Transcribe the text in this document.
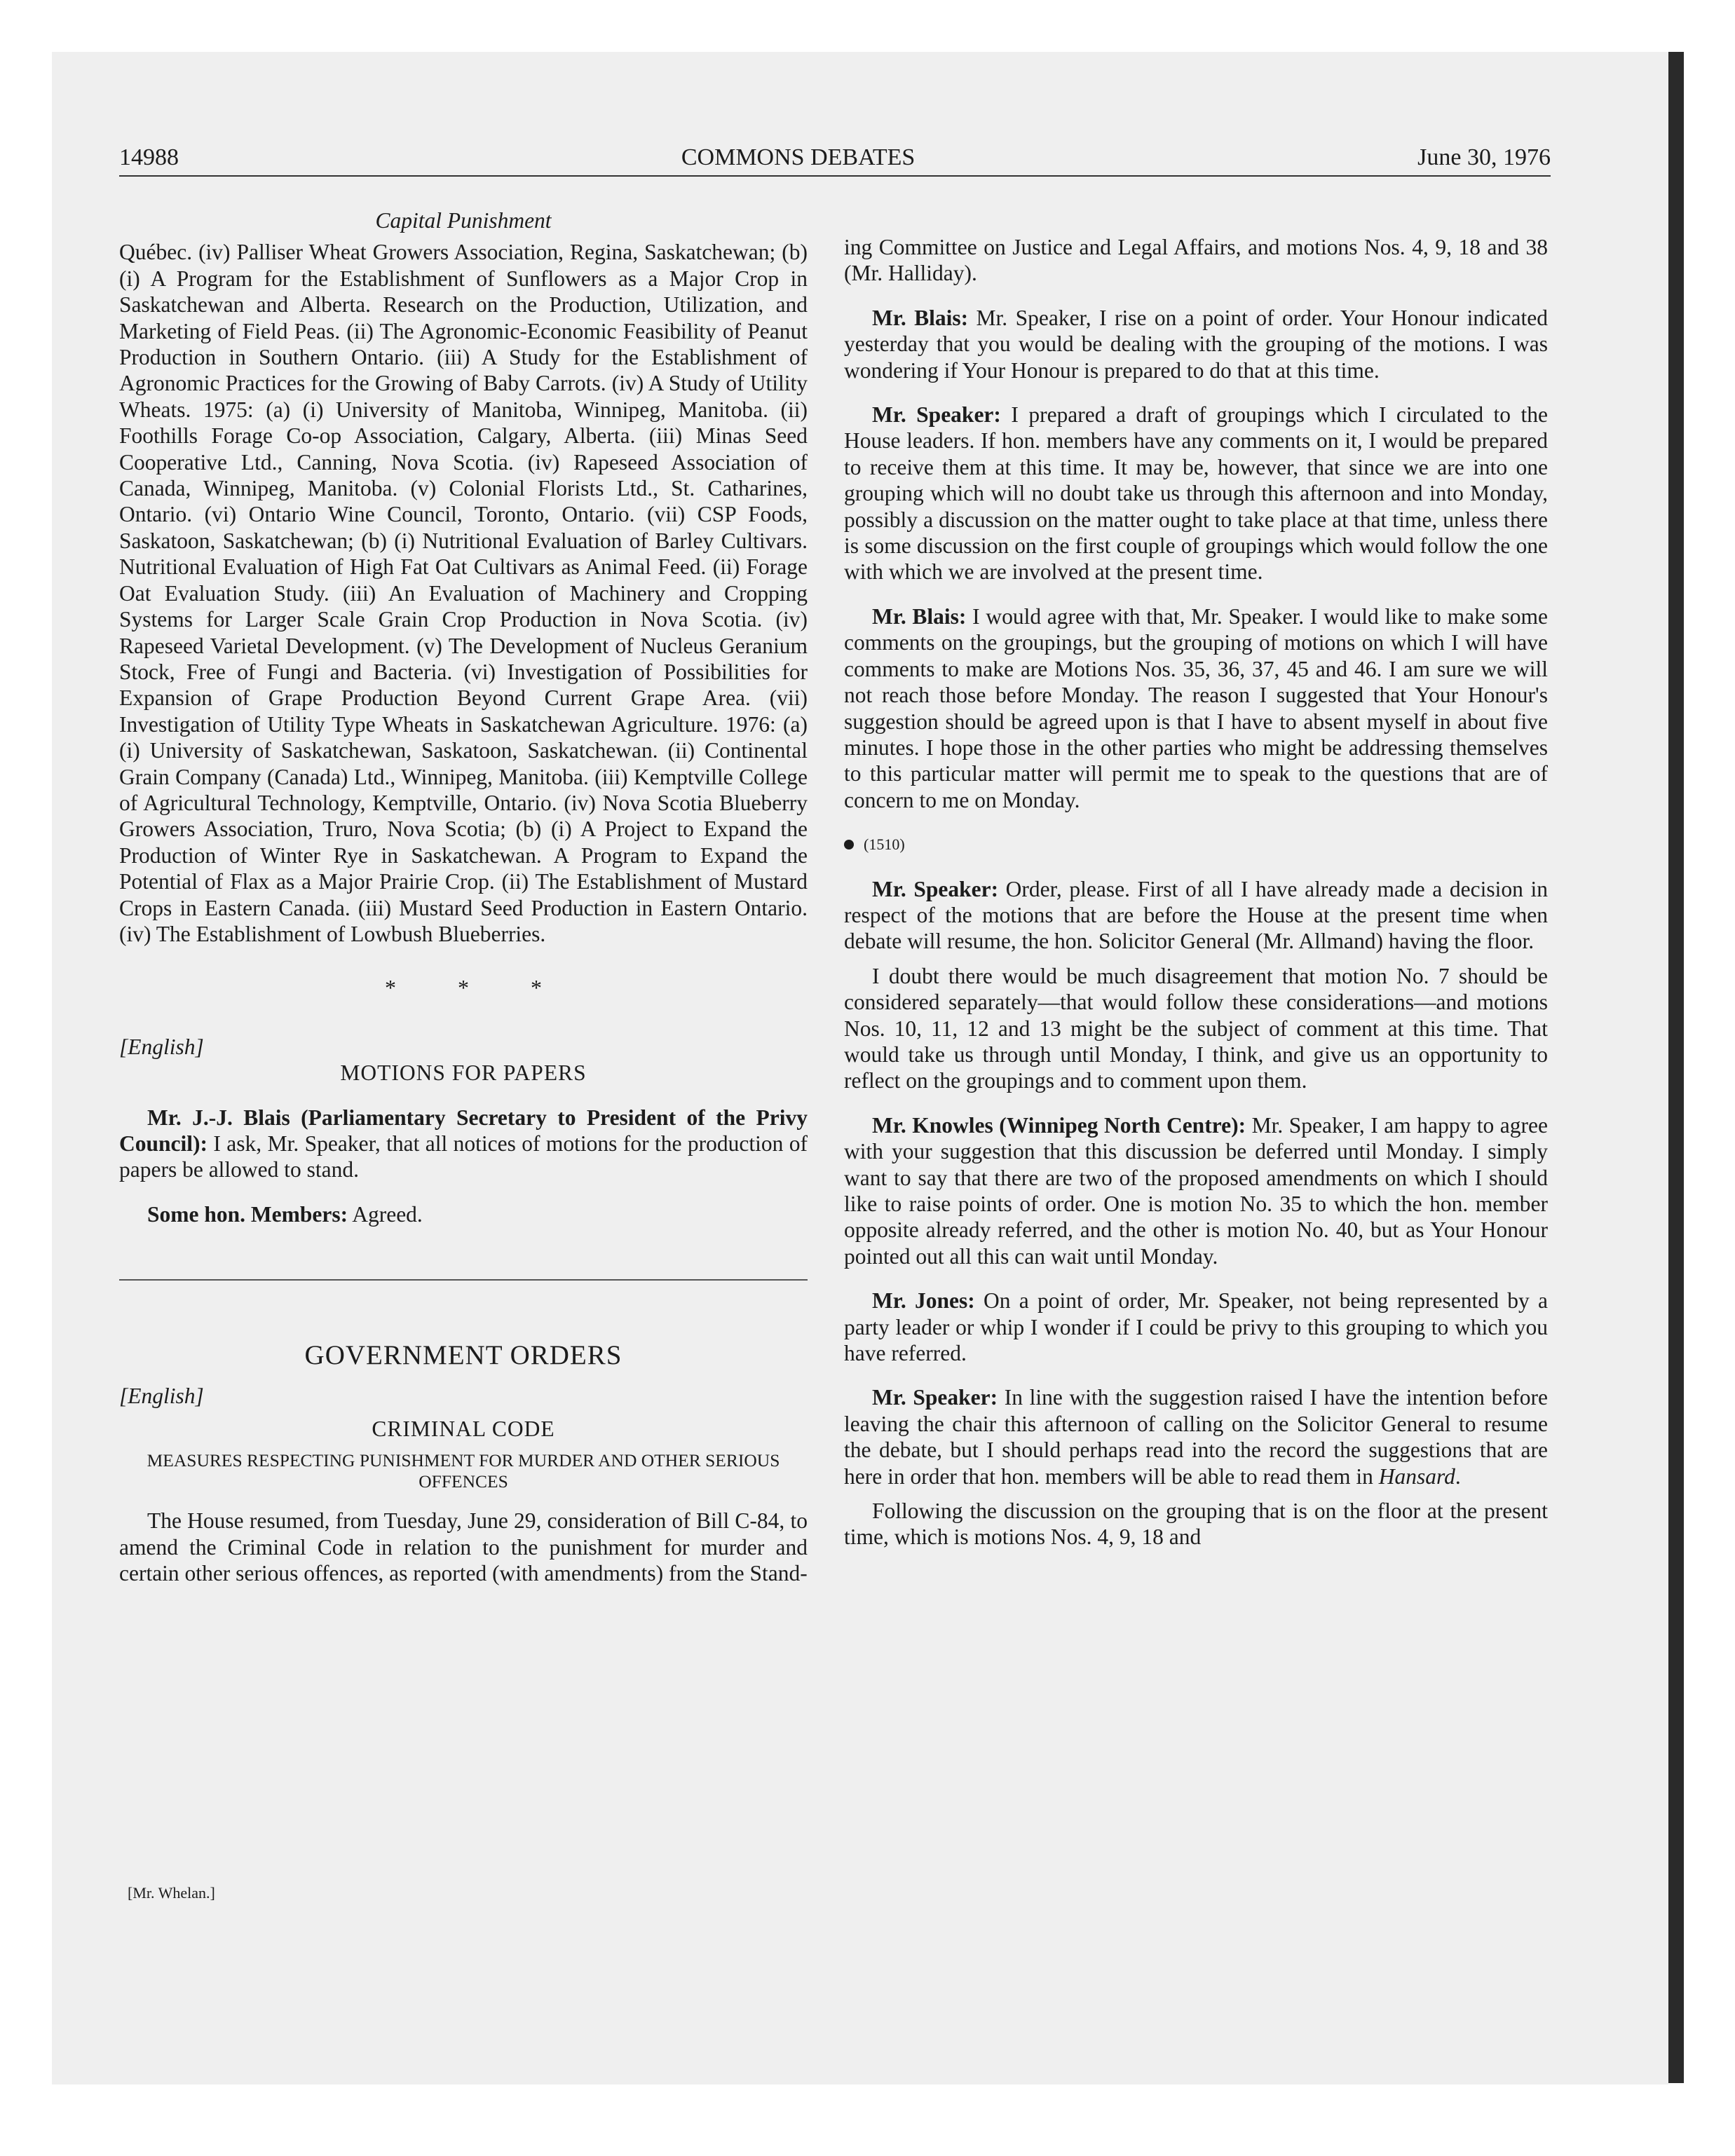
14988	COMMONS DEBATES	June 30, 1976

Capital Punishment

Québec. (iv) Palliser Wheat Growers Association, Regina, Saskatchewan; (b) (i) A Program for the Establishment of Sunflowers as a Major Crop in Saskatchewan and Alberta. Research on the Production, Utilization, and Marketing of Field Peas. (ii) The Agronomic-Economic Feasibility of Peanut Production in Southern Ontario. (iii) A Study for the Establishment of Agronomic Practices for the Growing of Baby Carrots. (iv) A Study of Utility Wheats. 1975: (a) (i) University of Manitoba, Winnipeg, Manitoba. (ii) Foothills Forage Co-op Association, Calgary, Alberta. (iii) Minas Seed Cooperative Ltd., Canning, Nova Scotia. (iv) Rapeseed Association of Canada, Winnipeg, Manitoba. (v) Colonial Florists Ltd., St. Catharines, Ontario. (vi) Ontario Wine Council, Toronto, Ontario. (vii) CSP Foods, Saskatoon, Saskatchewan; (b) (i) Nutritional Evaluation of Barley Cultivars. Nutritional Evaluation of High Fat Oat Cultivars as Animal Feed. (ii) Forage Oat Evaluation Study. (iii) An Evaluation of Machinery and Cropping Systems for Larger Scale Grain Crop Production in Nova Scotia. (iv) Rapeseed Varietal Development. (v) The Development of Nucleus Geranium Stock, Free of Fungi and Bacteria. (vi) Investigation of Possibilities for Expansion of Grape Production Beyond Current Grape Area. (vii) Investigation of Utility Type Wheats in Saskatchewan Agriculture. 1976: (a) (i) University of Saskatchewan, Saskatoon, Saskatchewan. (ii) Continental Grain Company (Canada) Ltd., Winnipeg, Manitoba. (iii) Kemptville College of Agricultural Technology, Kemptville, Ontario. (iv) Nova Scotia Blueberry Growers Association, Truro, Nova Scotia; (b) (i) A Project to Expand the Production of Winter Rye in Saskatchewan. A Program to Expand the Potential of Flax as a Major Prairie Crop. (ii) The Establishment of Mustard Crops in Eastern Canada. (iii) Mustard Seed Production in Eastern Ontario. (iv) The Establishment of Lowbush Blueberries.

* * *

[English]

MOTIONS FOR PAPERS

Mr. J.-J. Blais (Parliamentary Secretary to President of the Privy Council): I ask, Mr. Speaker, that all notices of motions for the production of papers be allowed to stand.

Some hon. Members: Agreed.

GOVERNMENT ORDERS

[English]

CRIMINAL CODE

MEASURES RESPECTING PUNISHMENT FOR MURDER AND OTHER SERIOUS OFFENCES

The House resumed, from Tuesday, June 29, consideration of Bill C-84, to amend the Criminal Code in relation to the punishment for murder and certain other serious offences, as reported (with amendments) from the Stand-

[Mr. Whelan.]

ing Committee on Justice and Legal Affairs, and motions Nos. 4, 9, 18 and 38 (Mr. Halliday).

Mr. Blais: Mr. Speaker, I rise on a point of order. Your Honour indicated yesterday that you would be dealing with the grouping of the motions. I was wondering if Your Honour is prepared to do that at this time.

Mr. Speaker: I prepared a draft of groupings which I circulated to the House leaders. If hon. members have any comments on it, I would be prepared to receive them at this time. It may be, however, that since we are into one grouping which will no doubt take us through this afternoon and into Monday, possibly a discussion on the matter ought to take place at that time, unless there is some discussion on the first couple of groupings which would follow the one with which we are involved at the present time.

Mr. Blais: I would agree with that, Mr. Speaker. I would like to make some comments on the groupings, but the grouping of motions on which I will have comments to make are Motions Nos. 35, 36, 37, 45 and 46. I am sure we will not reach those before Monday. The reason I suggested that Your Honour's suggestion should be agreed upon is that I have to absent myself in about five minutes. I hope those in the other parties who might be addressing themselves to this particular matter will permit me to speak to the questions that are of concern to me on Monday.

(1510)

Mr. Speaker: Order, please. First of all I have already made a decision in respect of the motions that are before the House at the present time when debate will resume, the hon. Solicitor General (Mr. Allmand) having the floor.

I doubt there would be much disagreement that motion No. 7 should be considered separately—that would follow these considerations—and motions Nos. 10, 11, 12 and 13 might be the subject of comment at this time. That would take us through until Monday, I think, and give us an opportunity to reflect on the groupings and to comment upon them.

Mr. Knowles (Winnipeg North Centre): Mr. Speaker, I am happy to agree with your suggestion that this discussion be deferred until Monday. I simply want to say that there are two of the proposed amendments on which I should like to raise points of order. One is motion No. 35 to which the hon. member opposite already referred, and the other is motion No. 40, but as Your Honour pointed out all this can wait until Monday.

Mr. Jones: On a point of order, Mr. Speaker, not being represented by a party leader or whip I wonder if I could be privy to this grouping to which you have referred.

Mr. Speaker: In line with the suggestion raised I have the intention before leaving the chair this afternoon of calling on the Solicitor General to resume the debate, but I should perhaps read into the record the suggestions that are here in order that hon. members will be able to read them in Hansard.

Following the discussion on the grouping that is on the floor at the present time, which is motions Nos. 4, 9, 18 and
